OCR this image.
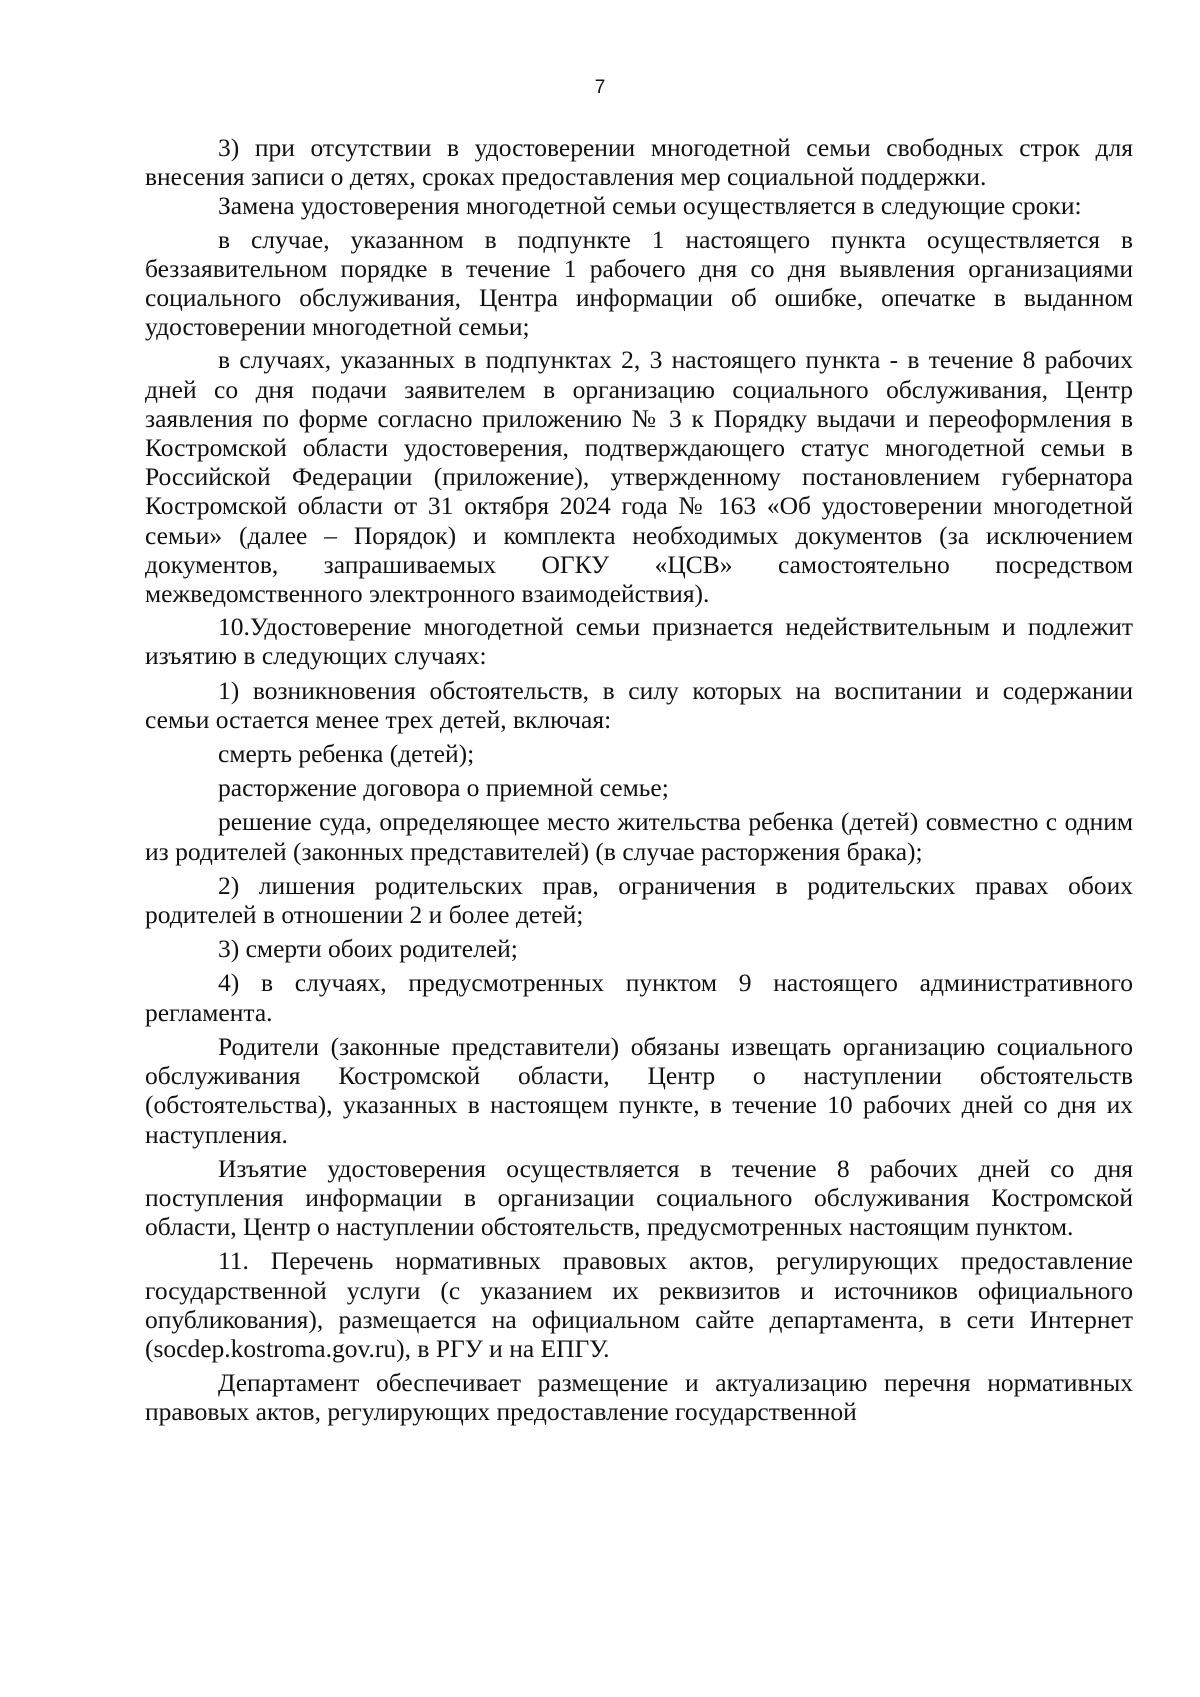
7

3) при отсутствии в удостоверении многодетной семьи свободных строк для внесения записи о детях, сроках предоставления мер социальной поддержки.

Замена удостоверения многодетной семьи осуществляется в следующие сроки:

в случае, указанном в подпункте 1 настоящего пункта осуществляется в беззаявительном порядке в течение 1 рабочего дня со дня выявления организациями социального обслуживания, Центра информации об ошибке, опечатке в выданном удостоверении многодетной семьи;

в случаях, указанных в подпунктах 2, 3 настоящего пункта - в течение 8 рабочих дней со дня подачи заявителем в организацию социального обслуживания, Центр заявления по форме согласно приложению № 3 к Порядку выдачи и переоформления в Костромской области удостоверения, подтверждающего статус многодетной семьи в Российской Федерации (приложение), утвержденному постановлением губернатора Костромской области от 31 октября 2024 года № 163 «Об удостоверении многодетной семьи» (далее – Порядок) и комплекта необходимых документов (за исключением документов, запрашиваемых ОГКУ «ЦСВ» самостоятельно посредством межведомственного электронного взаимодействия).

10.Удостоверение многодетной семьи признается недействительным и подлежит изъятию в следующих случаях:

1) возникновения обстоятельств, в силу которых на воспитании и содержании семьи остается менее трех детей, включая:

смерть ребенка (детей);

расторжение договора о приемной семье;

решение суда, определяющее место жительства ребенка (детей) совместно с одним из родителей (законных представителей) (в случае расторжения брака);

2) лишения родительских прав, ограничения в родительских правах обоих родителей в отношении 2 и более детей;

3) смерти обоих родителей;

4) в случаях, предусмотренных пунктом 9 настоящего административного регламента.

Родители (законные представители) обязаны извещать организацию социального обслуживания Костромской области, Центр о наступлении обстоятельств (обстоятельства), указанных в настоящем пункте, в течение 10 рабочих дней со дня их наступления.

Изъятие удостоверения осуществляется в течение 8 рабочих дней со дня поступления информации в организации социального обслуживания Костромской области, Центр о наступлении обстоятельств, предусмотренных настоящим пунктом.

11. Перечень нормативных правовых актов, регулирующих предоставление государственной услуги (с указанием их реквизитов и источников официального опубликования), размещается на официальном сайте департамента, в сети Интернет (socdep.kostroma.gov.ru), в РГУ и на ЕПГУ.

Департамент обеспечивает размещение и актуализацию перечня нормативных правовых актов, регулирующих предоставление государственной
